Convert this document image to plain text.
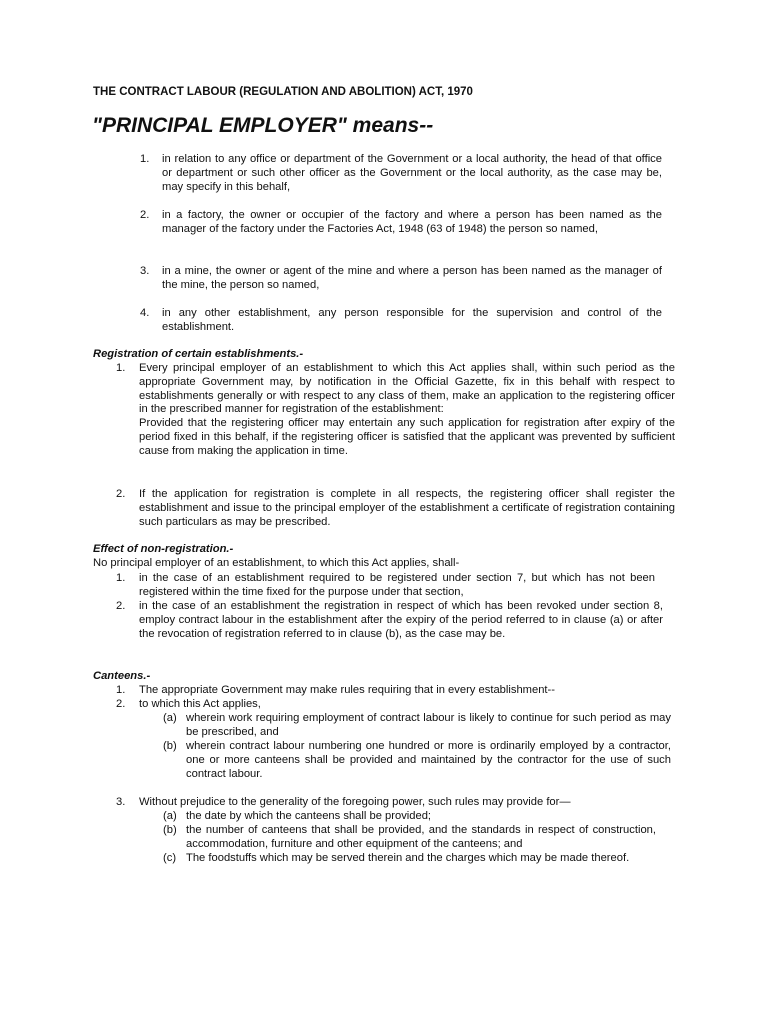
THE CONTRACT LABOUR (REGULATION AND ABOLITION) ACT, 1970
"PRINCIPAL EMPLOYER" means--
1. in relation to any office or department of the Government or a local authority, the head of that office or department or such other officer as the Government or the local authority, as the case may be, may specify in this behalf,
2. in a factory, the owner or occupier of the factory and where a person has been named as the manager of the factory under the Factories Act, 1948 (63 of 1948) the person so named,
3. in a mine, the owner or agent of the mine and where a person has been named as the manager of the mine, the person so named,
4. in any other establishment, any person responsible for the supervision and control of the establishment.
Registration of certain establishments.-
1. Every principal employer of an establishment to which this Act applies shall, within such period as the appropriate Government may, by notification in the Official Gazette, fix in this behalf with respect to establishments generally or with respect to any class of them, make an application to the registering officer in the prescribed manner for registration of the establishment:
Provided that the registering officer may entertain any such application for registration after expiry of the period fixed in this behalf, if the registering officer is satisfied that the applicant was prevented by sufficient cause from making the application in time.
2. If the application for registration is complete in all respects, the registering officer shall register the establishment and issue to the principal employer of the establishment a certificate of registration containing such particulars as may be prescribed.
Effect of non-registration.-
No principal employer of an establishment, to which this Act applies, shall-
1. in the case of an establishment required to be registered under section 7, but which has not been registered within the time fixed for the purpose under that section,
2. in the case of an establishment the registration in respect of which has been revoked under section 8, employ contract labour in the establishment after the expiry of the period referred to in clause (a) or after the revocation of registration referred to in clause (b), as the case may be.
Canteens.-
1. The appropriate Government may make rules requiring that in every establishment--
2. to which this Act applies,
(a) wherein work requiring employment of contract labour is likely to continue for such period as may be prescribed, and
(b) wherein contract labour numbering one hundred or more is ordinarily employed by a contractor, one or more canteens shall be provided and maintained by the contractor for the use of such contract labour.
3. Without prejudice to the generality of the foregoing power, such rules may provide for—
(a) the date by which the canteens shall be provided;
(b) the number of canteens that shall be provided, and the standards in respect of construction, accommodation, furniture and other equipment of the canteens; and
(c) The foodstuffs which may be served therein and the charges which may be made thereof.
